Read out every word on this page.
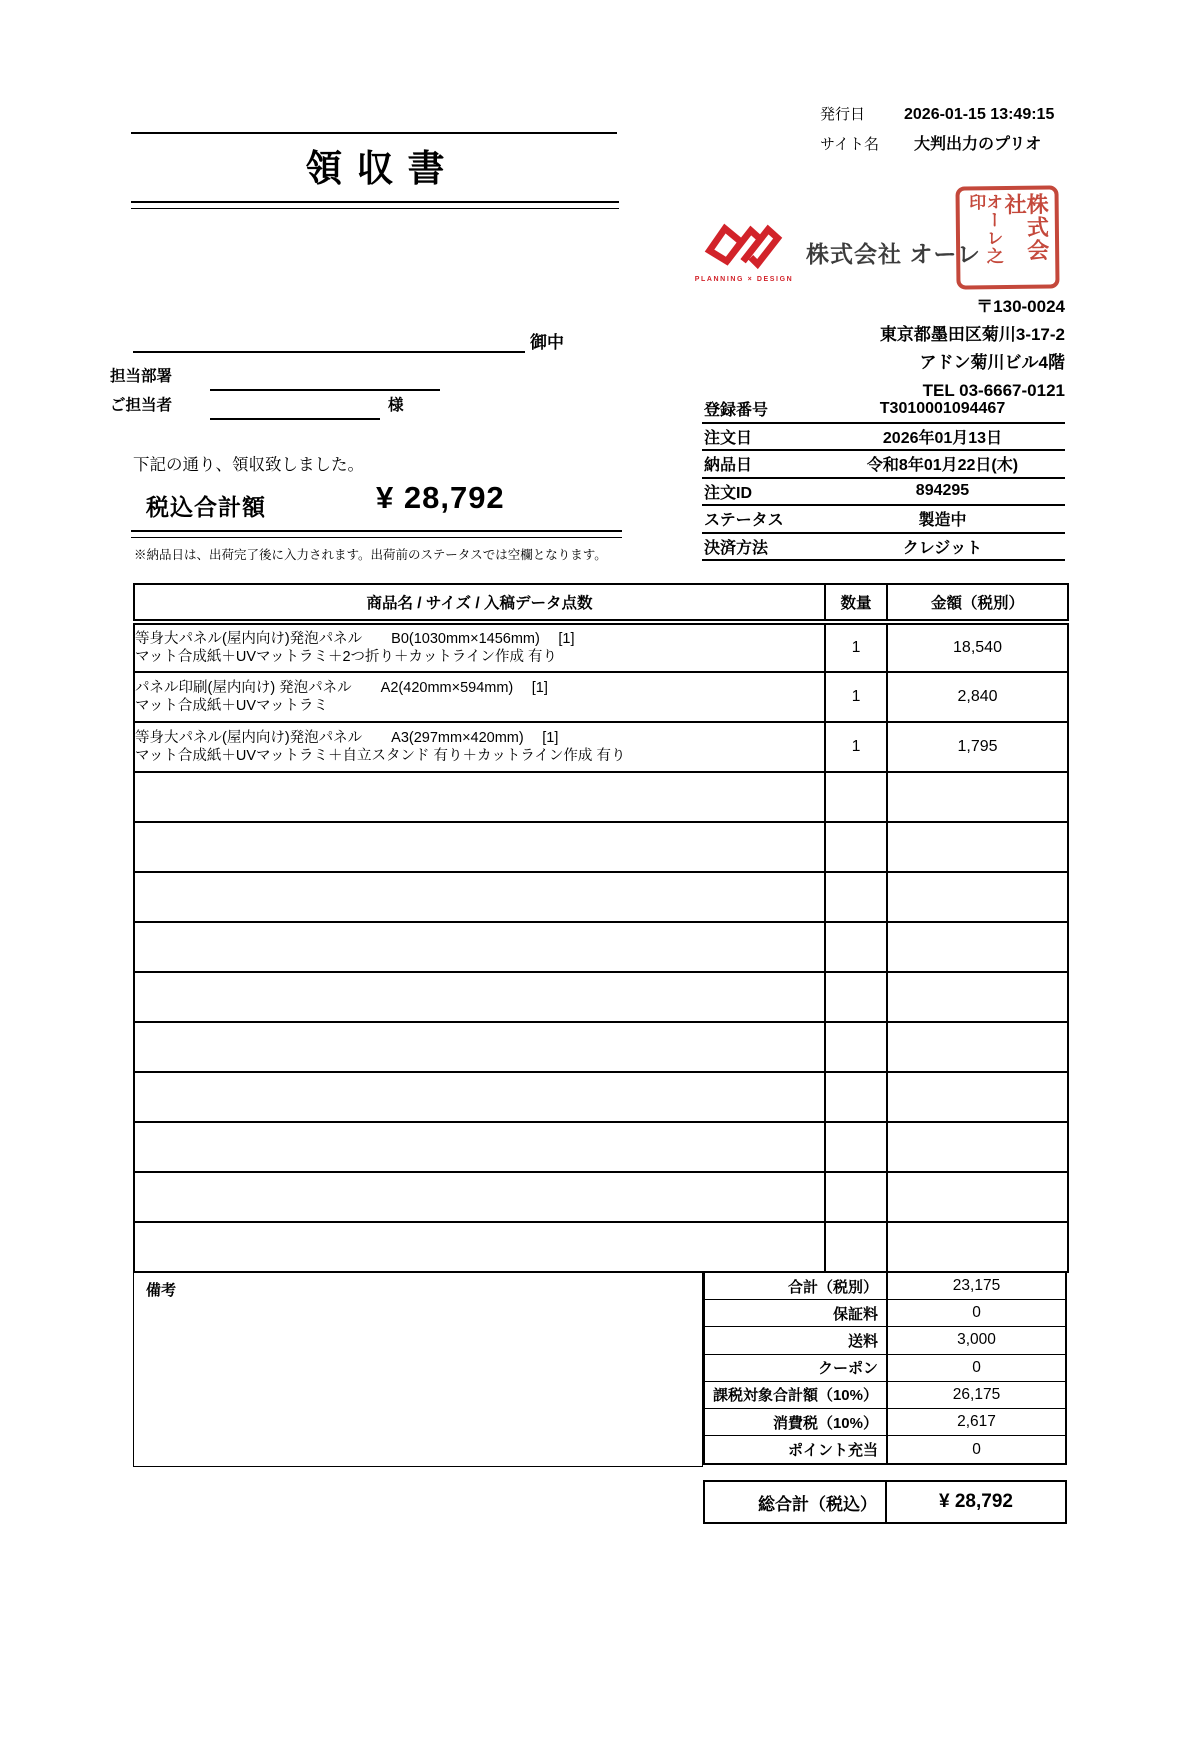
領収書
発行日	2026-01-15 13:49:15
サイト名	大判出力のプリオ
PLANNING × DESIGN
株式会社 オーレ	株式会社
オーレ之印
〒130-0024
東京都墨田区菊川3-17-2
アドン菊川ビル4階
TEL 03-6667-0121
登録番号	T3010001094467
注文日	2026年01月13日
納品日	令和8年01月22日(木)
注文ID	894295
ステータス	製造中
決済方法	クレジット
御中
担当部署
ご担当者	様
下記の通り、領収致しました。
税込合計額	¥ 28,792
※納品日は、出荷完了後に入力されます。出荷前のステータスでは空欄となります。
商品名 / サイズ / 入稿データ点数	数量	金額（税別）

等身大パネル(屋内向け)発泡パネル　　B0(1030mm×1456mm)　 [1]
マット合成紙＋UVマットラミ＋2つ折り＋カットライン作成 有り	1	18,540

パネル印刷(屋内向け) 発泡パネル　　A2(420mm×594mm)　 [1]
マット合成紙＋UVマットラミ	1	2,840

等身大パネル(屋内向け)発泡パネル　　A3(297mm×420mm)　 [1]
マット合成紙＋UVマットラミ＋自立スタンド 有り＋カットライン作成 有り	1	1,795

備考	合計（税別）	23,175
保証料	0
送料	3,000
クーポン	0
課税対象合計額（10%）	26,175
消費税（10%）	2,617
ポイント充当	0
総合計（税込）	¥ 28,792
